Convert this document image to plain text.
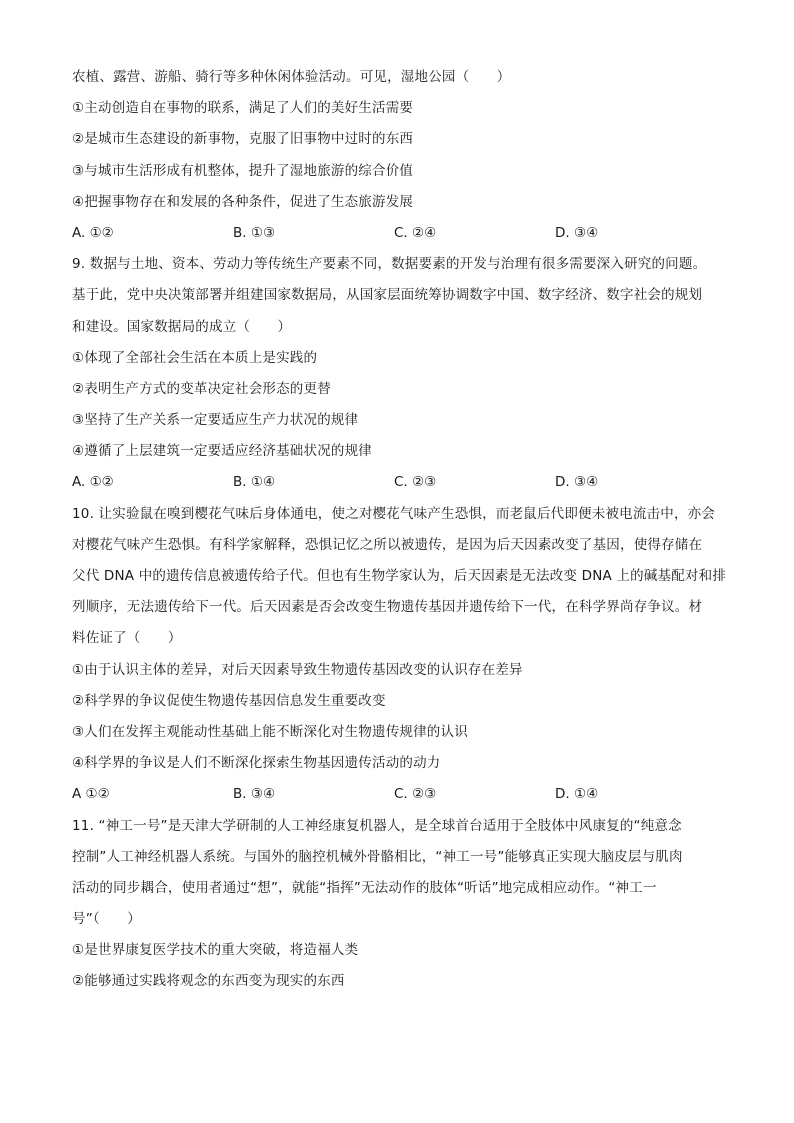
农植、露营、游船、骑行等多种休闲体验活动。可见，湿地公园（　　）
①主动创造自在事物的联系，满足了人们的美好生活需要
②是城市生态建设的新事物，克服了旧事物中过时的东西
③与城市生活形成有机整体，提升了湿地旅游的综合价值
④把握事物存在和发展的各种条件，促进了生态旅游发展
A. ①②	B. ①③	C. ②④	D. ③④
9. 数据与土地、资本、劳动力等传统生产要素不同，数据要素的开发与治理有很多需要深入研究的问题。
基于此，党中央决策部署并组建国家数据局，从国家层面统筹协调数字中国、数字经济、数字社会的规划
和建设。国家数据局的成立（　　）
①体现了全部社会生活在本质上是实践的
②表明生产方式的变革决定社会形态的更替
③坚持了生产关系一定要适应生产力状况的规律
④遵循了上层建筑一定要适应经济基础状况的规律
A. ①②	B. ①④	C. ②③	D. ③④
10. 让实验鼠在嗅到樱花气味后身体通电，使之对樱花气味产生恐惧，而老鼠后代即便未被电流击中，亦会
对樱花气味产生恐惧。有科学家解释，恐惧记忆之所以被遗传，是因为后天因素改变了基因，使得存储在
父代 DNA 中的遗传信息被遗传给子代。但也有生物学家认为，后天因素是无法改变 DNA 上的碱基配对和排
列顺序，无法遗传给下一代。后天因素是否会改变生物遗传基因并遗传给下一代，在科学界尚存争议。材
料佐证了（　　）
①由于认识主体的差异，对后天因素导致生物遗传基因改变的认识存在差异
②科学界的争议促使生物遗传基因信息发生重要改变
③人们在发挥主观能动性基础上能不断深化对生物遗传规律的认识
④科学界的争议是人们不断深化探索生物基因遗传活动的动力
A ①②	B. ③④	C. ②③	D. ①④
11. “神工一号”是天津大学研制的人工神经康复机器人，是全球首台适用于全肢体中风康复的“纯意念
控制”人工神经机器人系统。与国外的脑控机械外骨骼相比，“神工一号”能够真正实现大脑皮层与肌肉
活动的同步耦合，使用者通过“想”，就能“指挥”无法动作的肢体“听话”地完成相应动作。“神工一
号”（　　）
①是世界康复医学技术的重大突破，将造福人类
②能够通过实践将观念的东西变为现实的东西
